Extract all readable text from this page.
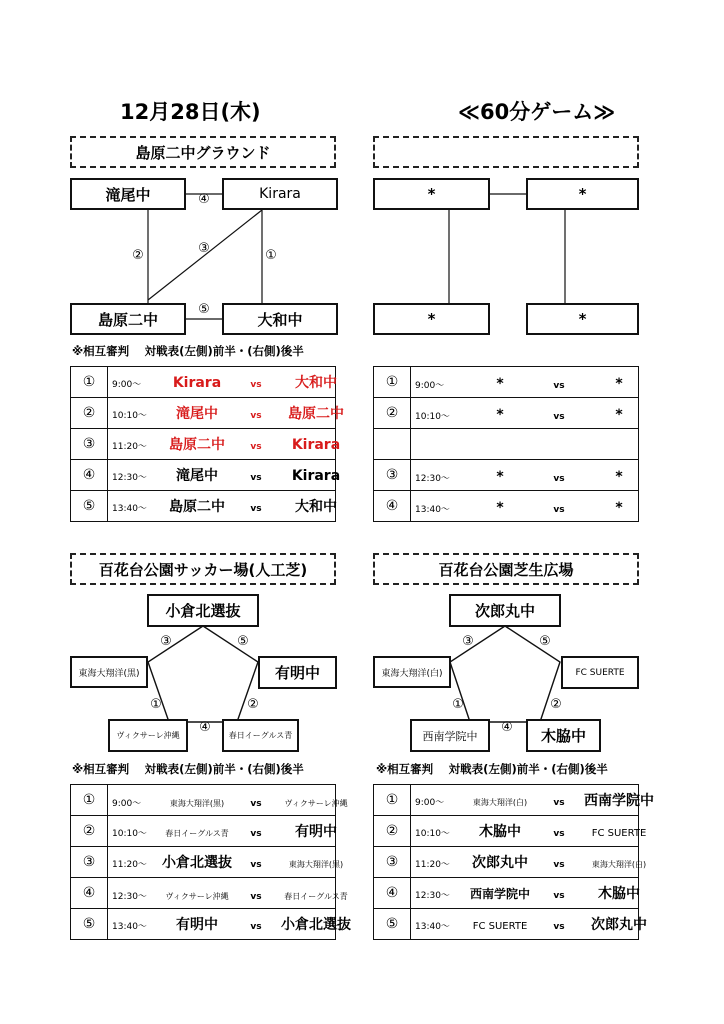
12月28日(木)	≪60分ゲーム≫
島原二中グラウンド
滝尾中	Kirara
島原二中	大和中
④
②	③	①
⑤
※相互審判　 対戦表(左側)前半・(右側)後半
①	9:00～ Kirara vs 大和中
②	10:10～ 滝尾中 vs 島原二中
③	11:20～ 島原二中 vs Kirara
④	12:30～ 滝尾中 vs Kirara
⑤	13:40～ 島原二中 vs 大和中
*	*
*	*
①	9:00～ * vs *
②	10:10～ * vs *

③	12:30～ * vs *
④	13:40～ * vs *
百花台公園サッカー場(人工芝)
小倉北選抜
東海大翔洋(黒)	有明中
ヴィクサーレ沖縄	春日イーグルス青
③	⑤
①	②
④
※相互審判　 対戦表(左側)前半・(右側)後半
①	9:00～ 東海大翔洋(黒) vs ヴィクサーレ沖縄
②	10:10～ 春日イーグルス青 vs 有明中
③	11:20～ 小倉北選抜 vs 東海大翔洋(黒)
④	12:30～ ヴィクサーレ沖縄 vs 春日イーグルス青
⑤	13:40～ 有明中 vs 小倉北選抜
百花台公園芝生広場
次郎丸中
東海大翔洋(白)	FC SUERTE
西南学院中	木脇中
③	⑤
①	②
④
※相互審判　 対戦表(左側)前半・(右側)後半
①	9:00～ 東海大翔洋(白) vs 西南学院中
②	10:10～ 木脇中 vs FC SUERTE
③	11:20～ 次郎丸中 vs 東海大翔洋(白)
④	12:30～ 西南学院中 vs 木脇中
⑤	13:40～ FC SUERTE vs 次郎丸中
